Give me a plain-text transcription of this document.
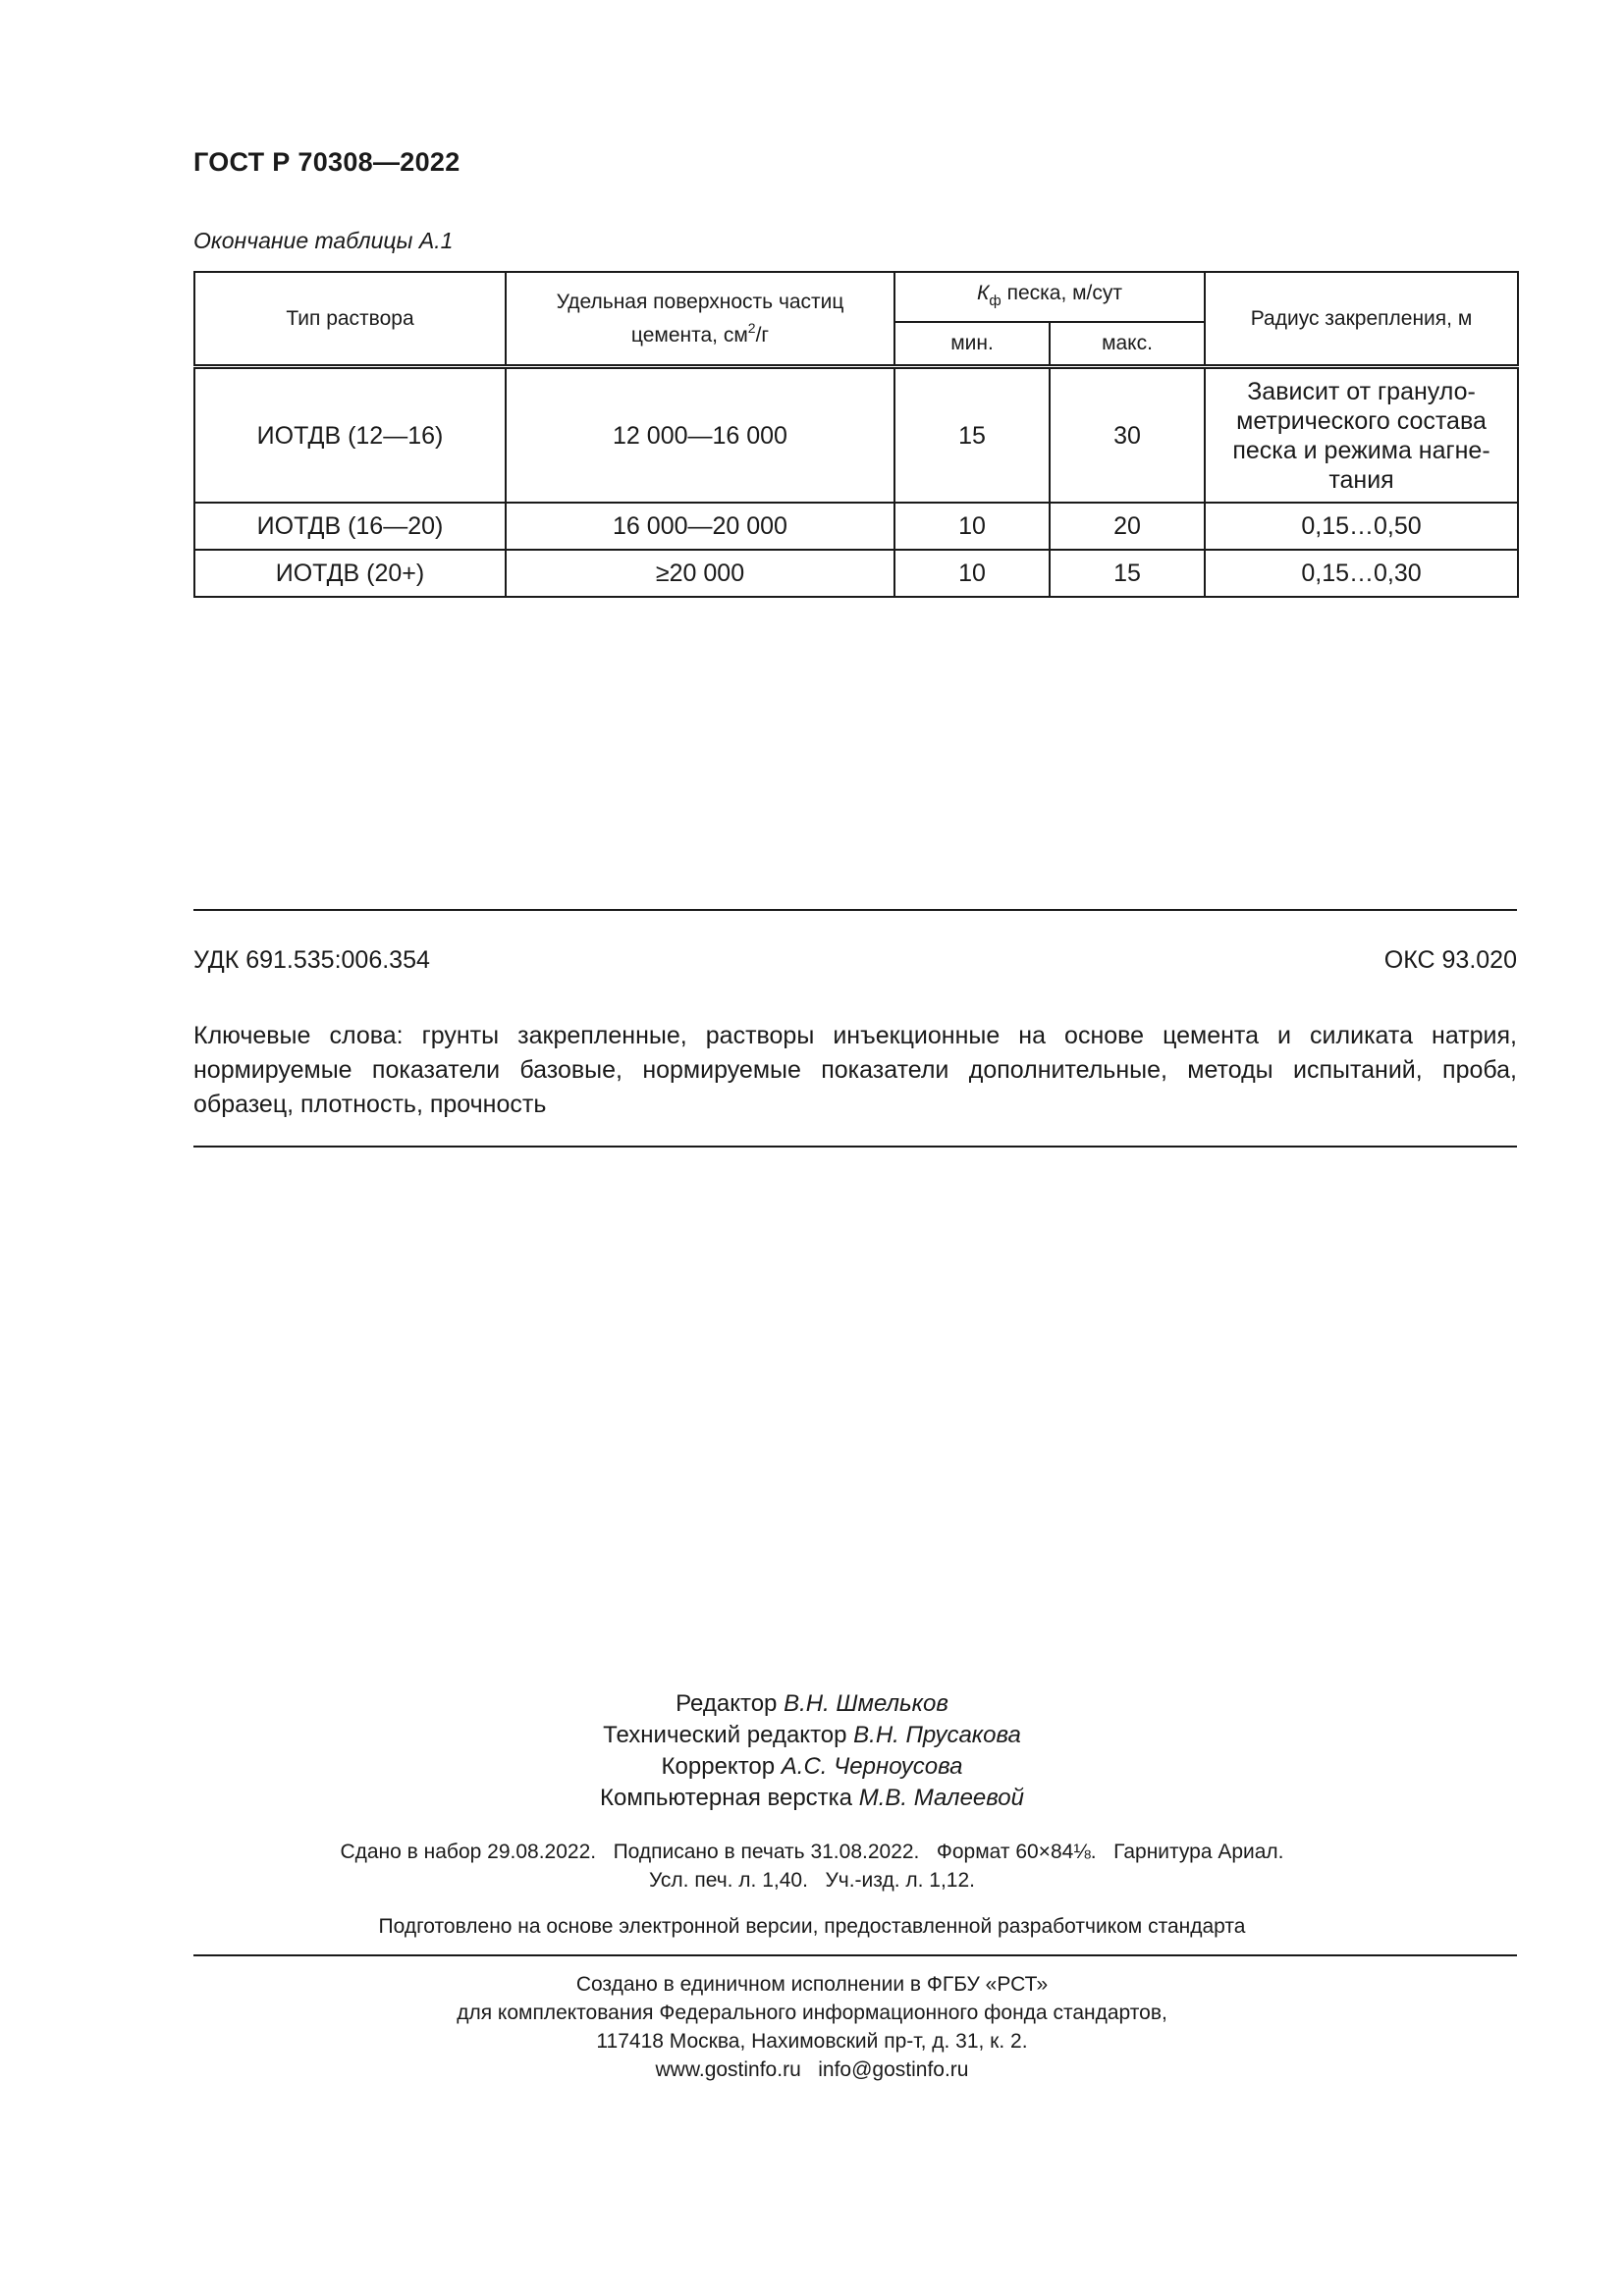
ГОСТ Р 70308—2022
Окончание таблицы А.1
Тип раствора	Удельная поверхность частиц цемента, $см^2/г$	$К_ф$ песка, м/сут		Радиус закрепления, м
		мин.	макс.	
ИОТДВ (12—16)	12 000—16 000	15	30	Зависит от грануло-метрического состава песка и режима нагне-тания
ИОТДВ (16—20)	16 000—20 000	10	20	0,15…0,50
ИОТДВ (20+)	≥20 000	10	15	0,15…0,30
УДК 691.535:006.354	ОКС 93.020
Ключевые слова: грунты закрепленные, растворы инъекционные на основе цемента и силиката натрия, нормируемые показатели базовые, нормируемые показатели дополнительные, методы испытаний, проба, образец, плотность, прочность
Редактор В.Н. Шмельков
Технический редактор В.Н. Прусакова
Корректор А.С. Черноусова
Компьютерная верстка М.В. Малеевой
Сдано в набор 29.08.2022.   Подписано в печать 31.08.2022.   Формат 60×84⅛.   Гарнитура Ариал.
Усл. печ. л. 1,40.   Уч.-изд. л. 1,12.
Подготовлено на основе электронной версии, предоставленной разработчиком стандарта
Создано в единичном исполнении в ФГБУ «РСТ»
для комплектования Федерального информационного фонда стандартов,
117418 Москва, Нахимовский пр-т, д. 31, к. 2.
www.gostinfo.ru   info@gostinfo.ru
